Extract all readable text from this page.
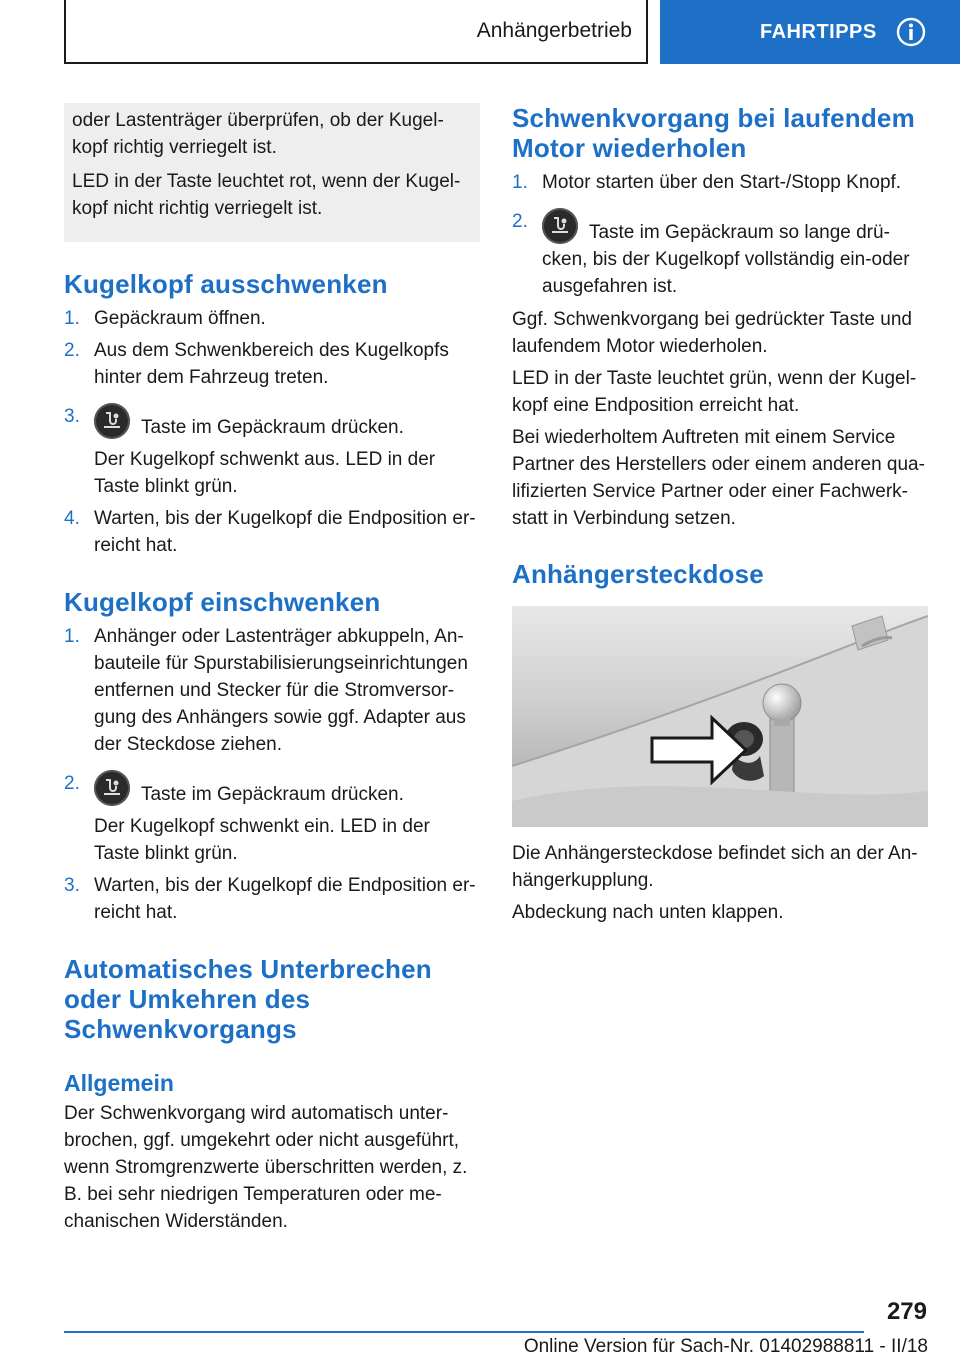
Anhängerbetrieb	FAHRTIPPS

oder Lastenträger überprüfen, ob der Kugel-kopf richtig verriegelt ist.

LED in der Taste leuchtet rot, wenn der Kugel-kopf nicht richtig verriegelt ist.

Kugelkopf ausschwenken
1. Gepäckraum öffnen.
2. Aus dem Schwenkbereich des Kugelkopfs hinter dem Fahrzeug treten.
3.
Taste im Gepäckraum drücken.
Der Kugelkopf schwenkt aus. LED in der Taste blinkt grün.
4. Warten, bis der Kugelkopf die Endposition er-reicht hat.
Kugelkopf einschwenken
1. Anhänger oder Lastenträger abkuppeln, An-bauteile für Spurstabilisierungseinrichtungen entfernen und Stecker für die Stromversor-gung des Anhängers sowie ggf. Adapter aus der Steckdose ziehen.
2.
Taste im Gepäckraum drücken.
Der Kugelkopf schwenkt ein. LED in der Taste blinkt grün.
3. Warten, bis der Kugelkopf die Endposition er-reicht hat.
Automatisches Unterbrechen oder Umkehren des Schwenkvorgangs
Allgemein

Der Schwenkvorgang wird automatisch unter-brochen, ggf. umgekehrt oder nicht ausgeführt, wenn Stromgrenzwerte überschritten werden, z. B. bei sehr niedrigen Temperaturen oder me-chanischen Widerständen.

Schwenkvorgang bei laufendem Motor wiederholen
1. Motor starten über den Start-/Stopp Knopf.
2.
Taste im Gepäckraum so lange drü-cken, bis der Kugelkopf vollständig ein-oder ausgefahren ist.

Ggf. Schwenkvorgang bei gedrückter Taste und laufendem Motor wiederholen.

LED in der Taste leuchtet grün, wenn der Kugel-kopf eine Endposition erreicht hat.

Bei wiederholtem Auftreten mit einem Service Partner des Herstellers oder einem anderen qua-lifizierten Service Partner oder einer Fachwerk-statt in Verbindung setzen.

Anhängersteckdose

Die Anhängersteckdose befindet sich an der An-hängerkupplung.

Abdeckung nach unten klappen.

279
Online Version für Sach-Nr. 01402988811 - II/18
